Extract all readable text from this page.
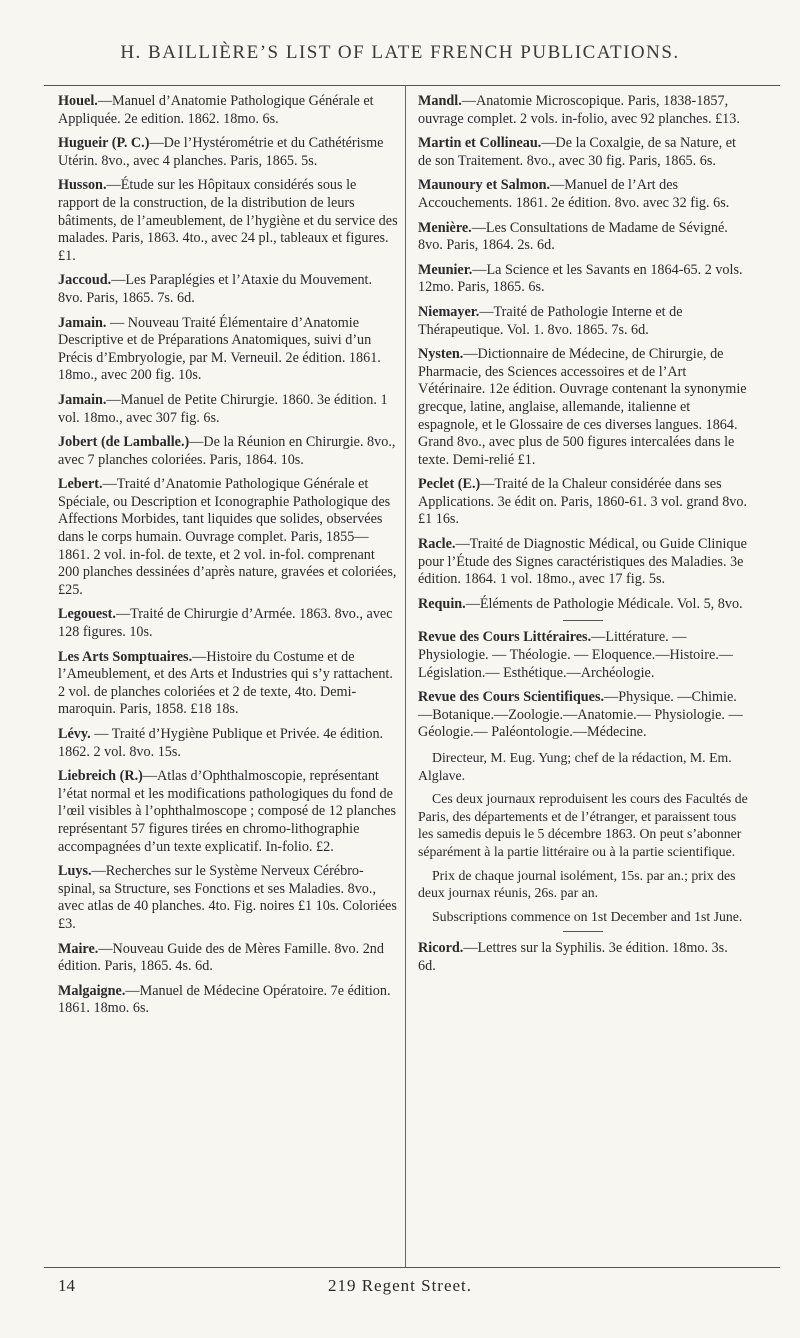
H. BAILLIÈRE’S LIST OF LATE FRENCH PUBLICATIONS.
Houel.—Manuel d’Anatomie Pathologique Générale et Appliquée. 2e edition. 1862. 18mo. 6s.
Hugueir (P. C.)—De l’Hystérométrie et du Cathétérisme Utérin. 8vo., avec 4 planches. Paris, 1865. 5s.
Husson.—Étude sur les Hôpitaux considérés sous le rapport de la construction, de la distribution de leurs bâtiments, de l’ameublement, de l’hygiène et du service des malades. Paris, 1863. 4to., avec 24 pl., tableaux et figures. £1.
Jaccoud.—Les Paraplégies et l’Ataxie du Mouvement. 8vo. Paris, 1865. 7s. 6d.
Jamain. — Nouveau Traité Élémentaire d’Anatomie Descriptive et de Préparations Anatomiques, suivi d’un Précis d’Embryologie, par M. Verneuil. 2e édition. 1861. 18mo., avec 200 fig. 10s.
Jamain.—Manuel de Petite Chirurgie. 1860. 3e édition. 1 vol. 18mo., avec 307 fig. 6s.
Jobert (de Lamballe.)—De la Réunion en Chirurgie. 8vo., avec 7 planches coloriées. Paris, 1864. 10s.
Lebert.—Traité d’Anatomie Pathologique Générale et Spéciale, ou Description et Iconographie Pathologique des Affections Morbides, tant liquides que solides, observées dans le corps humain. Ouvrage complet. Paris, 1855—1861. 2 vol. in-fol. de texte, et 2 vol. in-fol. comprenant 200 planches dessinées d’après nature, gravées et coloriées, £25.
Legouest.—Traité de Chirurgie d’Armée. 1863. 8vo., avec 128 figures. 10s.
Les Arts Somptuaires.—Histoire du Costume et de l’Ameublement, et des Arts et Industries qui s’y rattachent. 2 vol. de planches coloriées et 2 de texte, 4to. Demi-maroquin. Paris, 1858. £18 18s.
Lévy. — Traité d’Hygiène Publique et Privée. 4e édition. 1862. 2 vol. 8vo. 15s.
Liebreich (R.)—Atlas d’Ophthalmoscopie, représentant l’état normal et les modifications pathologiques du fond de l’œil visibles à l’ophthalmoscope ; composé de 12 planches représentant 57 figures tirées en chromo-lithographie accompagnées d’un texte explicatif. In-folio. £2.
Luys.—Recherches sur le Système Nerveux Cérébro-spinal, sa Structure, ses Fonctions et ses Maladies. 8vo., avec atlas de 40 planches. 4to. Fig. noires £1 10s. Coloriées £3.
Maire.—Nouveau Guide des de Mères Famille. 8vo. 2nd édition. Paris, 1865. 4s. 6d.
Malgaigne.—Manuel de Médecine Opératoire. 7e édition. 1861. 18mo. 6s.
Mandl.—Anatomie Microscopique. Paris, 1838-1857, ouvrage complet. 2 vols. in-folio, avec 92 planches. £13.
Martin et Collineau.—De la Coxalgie, de sa Nature, et de son Traitement. 8vo., avec 30 fig. Paris, 1865. 6s.
Maunoury et Salmon.—Manuel de l’Art des Accouchements. 1861. 2e édition. 8vo. avec 32 fig. 6s.
Menière.—Les Consultations de Madame de Sévigné. 8vo. Paris, 1864. 2s. 6d.
Meunier.—La Science et les Savants en 1864-65. 2 vols. 12mo. Paris, 1865. 6s.
Niemayer.—Traité de Pathologie Interne et de Thérapeutique. Vol. 1. 8vo. 1865. 7s. 6d.
Nysten.—Dictionnaire de Médecine, de Chirurgie, de Pharmacie, des Sciences accessoires et de l’Art Vétérinaire. 12e édition. Ouvrage contenant la synonymie grecque, latine, anglaise, allemande, italienne et espagnole, et le Glossaire de ces diverses langues. 1864. Grand 8vo., avec plus de 500 figures intercalées dans le texte. Demi-relié £1.
Peclet (E.)—Traité de la Chaleur considérée dans ses Applications. 3e édit on. Paris, 1860-61. 3 vol. grand 8vo. £1 16s.
Racle.—Traité de Diagnostic Médical, ou Guide Clinique pour l’Étude des Signes caractéristiques des Maladies. 3e édition. 1864. 1 vol. 18mo., avec 17 fig. 5s.
Requin.—Éléments de Pathologie Médicale. Vol. 5, 8vo.
Revue des Cours Littéraires.—Littérature. — Physiologie. — Théologie. — Eloquence.—Histoire.—Législation.— Esthétique.—Archéologie.
Revue des Cours Scientifiques.—Physique. —Chimie.—Botanique.—Zoologie.—Anatomie.— Physiologie. — Géologie.— Paléontologie.—Médecine.

Directeur, M. Eug. Yung; chef de la rédaction, M. Em. Alglave.

Ces deux journaux reproduisent les cours des Facultés de Paris, des départements et de l’étranger, et paraissent tous les samedis depuis le 5 décembre 1863. On peut s’abonner séparément à la partie littéraire ou à la partie scientifique.

Prix de chaque journal isolément, 15s. par an.; prix des deux journax réunis, 26s. par an.

Subscriptions commence on 1st December and 1st June.

Ricord.—Lettres sur la Syphilis. 3e édition. 18mo. 3s. 6d.
14	219 Regent Street.
